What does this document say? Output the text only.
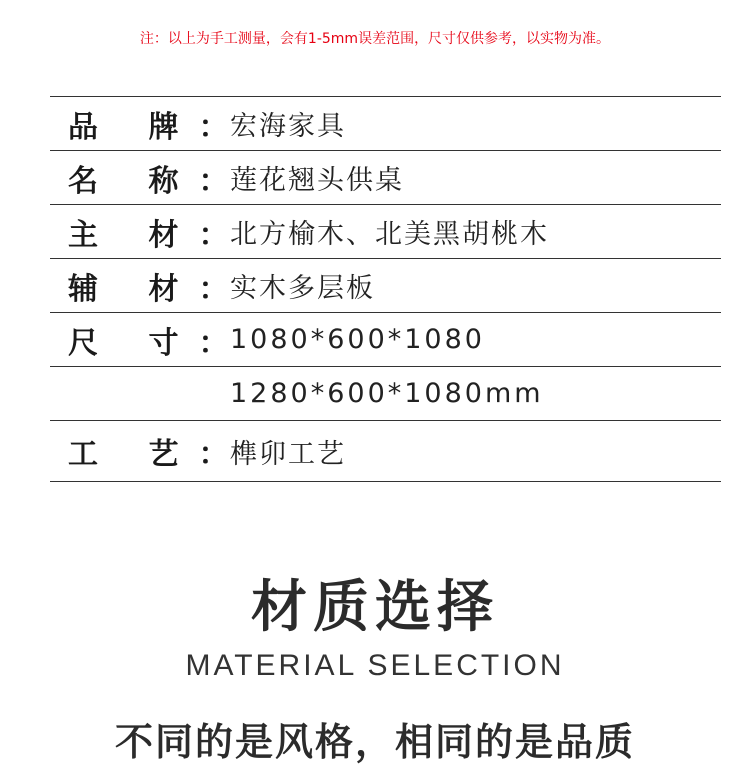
注：以上为手工测量，会有1-5mm误差范围，尺寸仅供参考，以实物为准。
品 牌：
宏海家具
名 称：
莲花翘头供桌
主 材：
北方榆木、北美黑胡桃木
辅 材：
实木多层板
尺 寸：
1080*600*1080
1280*600*1080mm
工 艺：
榫卯工艺
材质选择
MATERIAL SELECTION
不同的是风格，相同的是品质
